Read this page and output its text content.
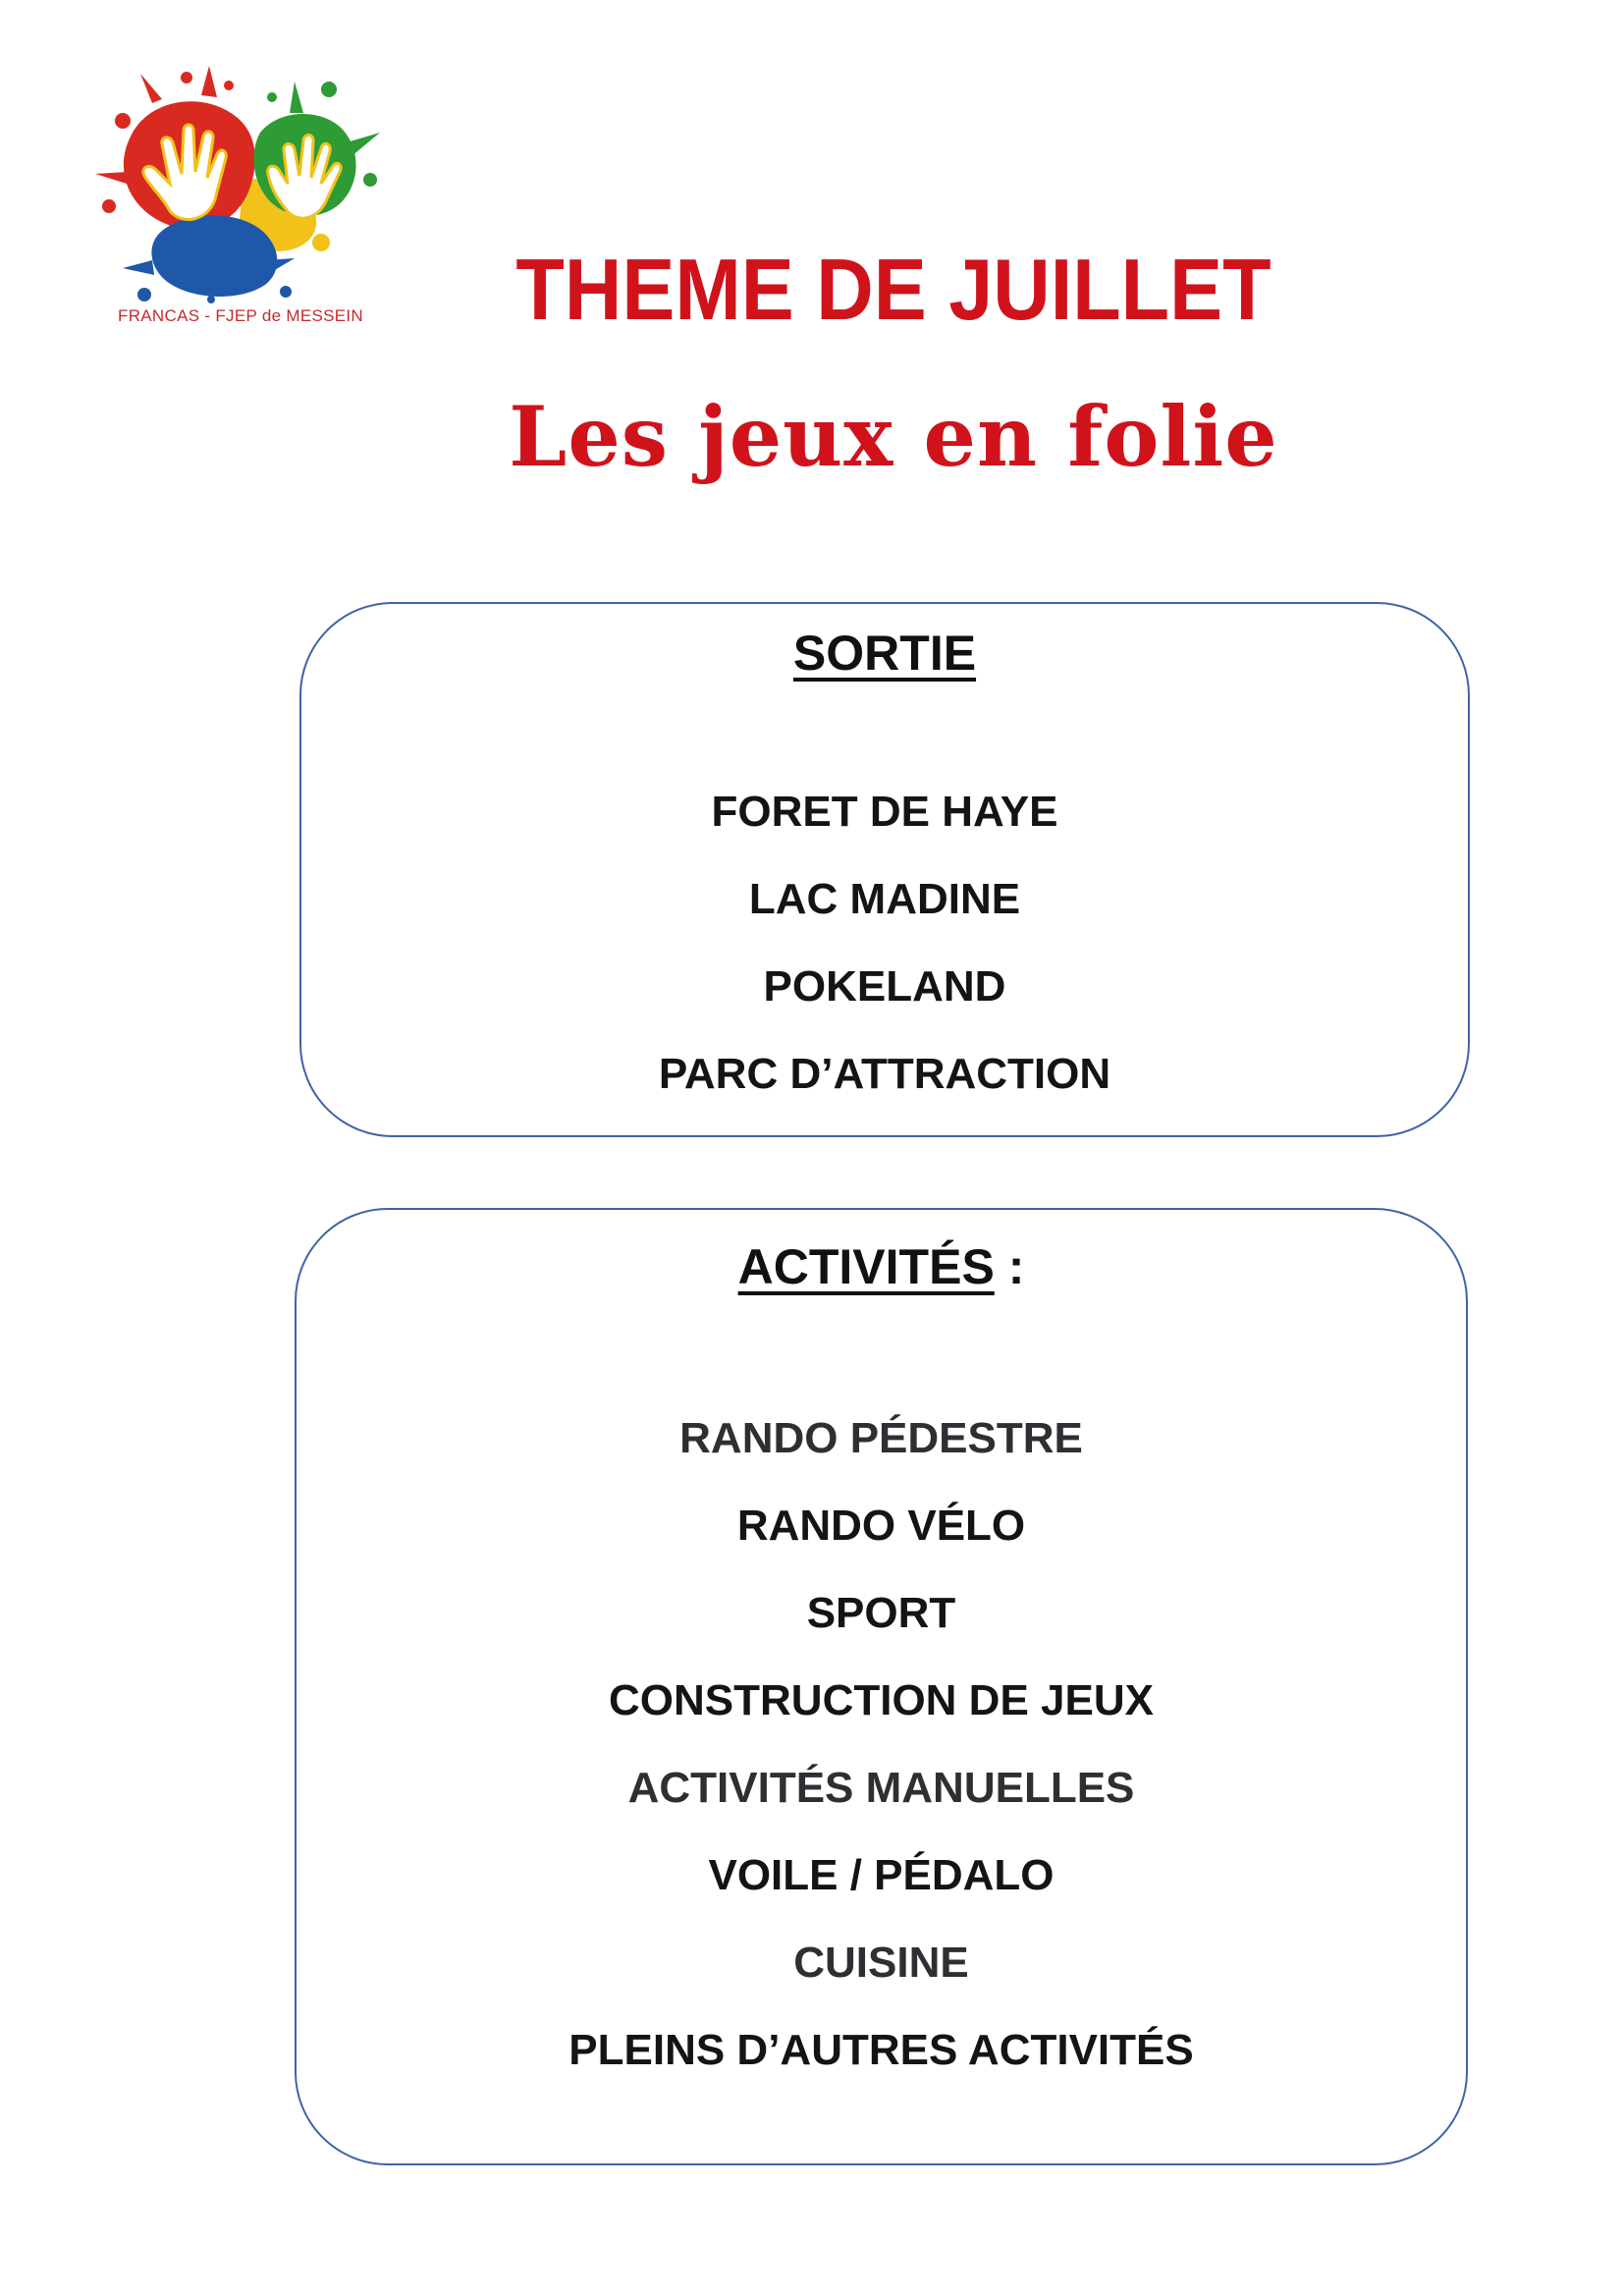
FRANCAS - FJEP de MESSEIN	THEME DE JUILLET
Les jeux en folie
SORTIE
FORET DE HAYE
LAC MADINE
POKELAND
PARC D’ATTRACTION
ACTIVITÉS :
RANDO PÉDESTRE
RANDO VÉLO
SPORT
CONSTRUCTION DE JEUX
ACTIVITÉS MANUELLES
VOILE / PÉDALO
CUISINE
PLEINS D’AUTRES ACTIVITÉS
